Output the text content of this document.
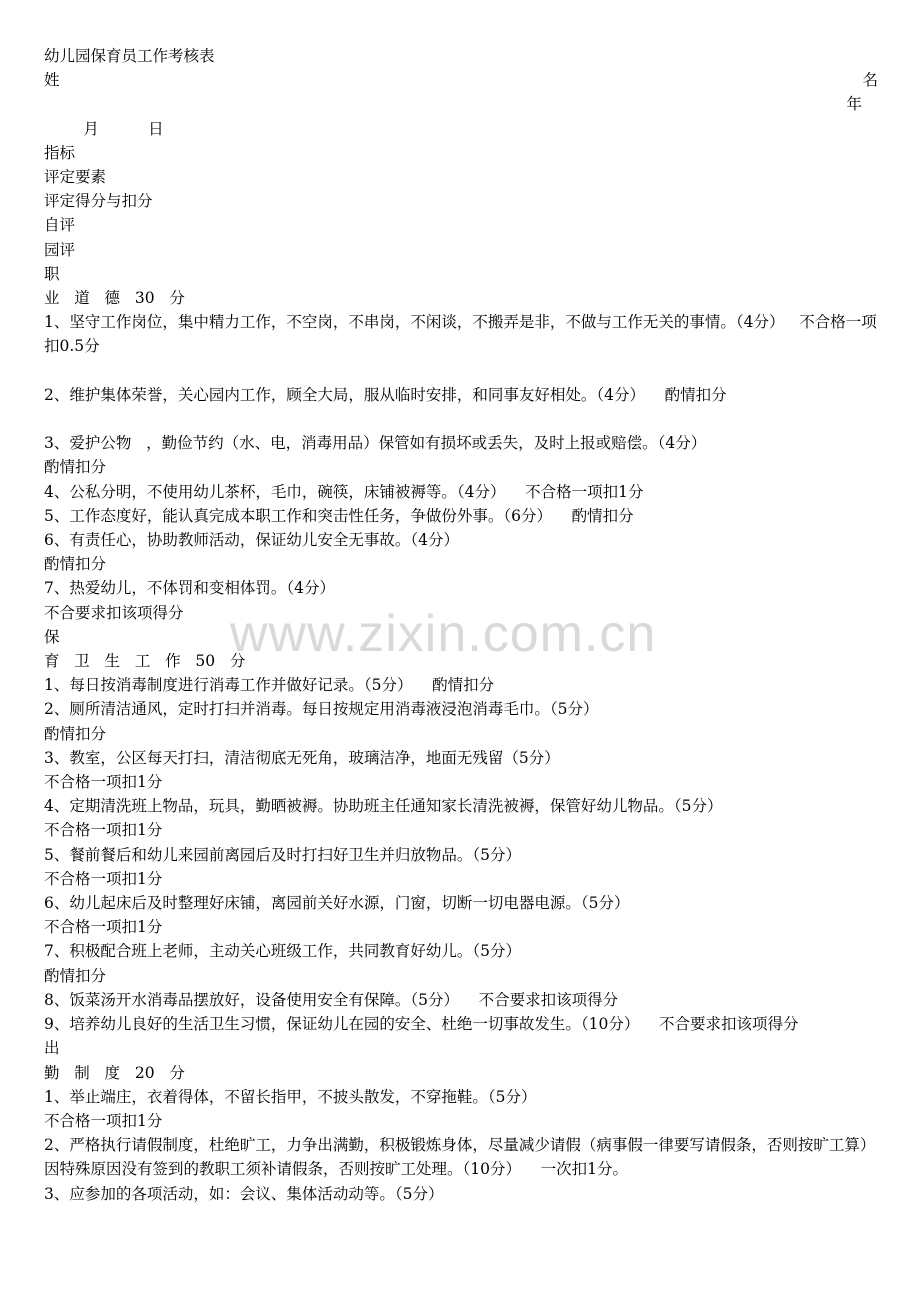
幼儿园保育员工作考核表
姓	名
年
月          日
指标
评定要素
评定得分与扣分
自评
园评
职
业   道   德   30   分
1、坚守工作岗位，集中精力工作，不空岗，不串岗，不闲谈，不搬弄是非，不做与工作无关的事情。（4分）   不合格一项扣0.5分
2、维护集体荣誉，关心园内工作，顾全大局，服从临时安排，和同事友好相处。（4分）    酌情扣分
3、爱护公物   ，勤俭节约（水、电，消毒用品）保管如有损坏或丢失，及时上报或赔偿。（4分）
酌情扣分
4、公私分明，不使用幼儿茶杯，毛巾，碗筷，床铺被褥等。（4分）    不合格一项扣1分
5、工作态度好，能认真完成本职工作和突击性任务，争做份外事。（6分）    酌情扣分
6、有责任心，协助教师活动，保证幼儿安全无事故。（4分）
酌情扣分
7、热爱幼儿，不体罚和变相体罚。（4分）
不合要求扣该项得分
保
育   卫   生   工   作   50   分
1、每日按消毒制度进行消毒工作并做好记录。（5分）    酌情扣分
2、厕所清洁通风，定时打扫并消毒。每日按规定用消毒液浸泡消毒毛巾。（5分）
酌情扣分
3、教室，公区每天打扫，清洁彻底无死角，玻璃洁净，地面无残留（5分）
不合格一项扣1分
4、定期清洗班上物品，玩具，勤晒被褥。协助班主任通知家长清洗被褥，保管好幼儿物品。（5分）
不合格一项扣1分
5、餐前餐后和幼儿来园前离园后及时打扫好卫生并归放物品。（5分）
不合格一项扣1分
6、幼儿起床后及时整理好床铺，离园前关好水源，门窗，切断一切电器电源。（5分）
不合格一项扣1分
7、积极配合班上老师，主动关心班级工作，共同教育好幼儿。（5分）
酌情扣分
8、饭菜汤开水消毒品摆放好，设备使用安全有保障。（5分）    不合要求扣该项得分
9、培养幼儿良好的生活卫生习惯，保证幼儿在园的安全、杜绝一切事故发生。（10分）    不合要求扣该项得分
出
勤   制   度   20   分
1、举止端庄，衣着得体，不留长指甲，不披头散发，不穿拖鞋。（5分）
不合格一项扣1分
2、严格执行请假制度，杜绝旷工，力争出满勤，积极锻炼身体，尽量减少请假（病事假一律要写请假条，否则按旷工算）因特殊原因没有签到的教职工须补请假条，否则按旷工处理。（10分）    一次扣1分。
3、应参加的各项活动，如：会议、集体活动动等。（5分）
www.zixin.com.cn
